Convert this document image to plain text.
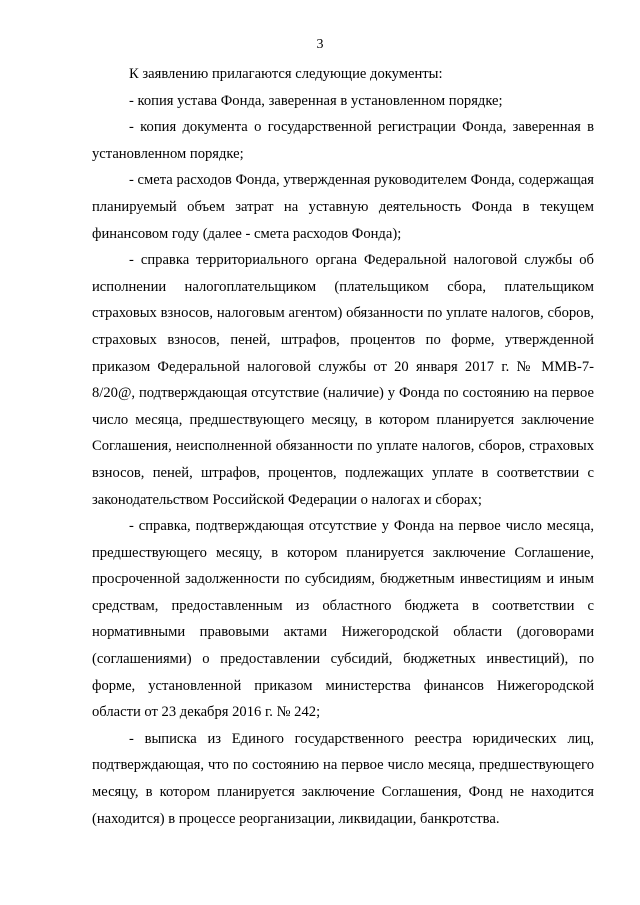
3

К заявлению прилагаются следующие документы:

- копия устава Фонда, заверенная в установленном порядке;

- копия документа о государственной регистрации Фонда, заверенная в установленном порядке;

- смета расходов Фонда, утвержденная руководителем Фонда, содержащая планируемый объем затрат на уставную деятельность Фонда в текущем финансовом году (далее - смета расходов Фонда);

- справка территориального органа Федеральной налоговой службы об исполнении налогоплательщиком (плательщиком сбора, плательщиком страховых взносов, налоговым агентом) обязанности по уплате налогов, сборов, страховых взносов, пеней, штрафов, процентов по форме, утвержденной приказом Федеральной налоговой службы от 20 января 2017 г. № ММВ-7-8/20@, подтверждающая отсутствие (наличие) у Фонда по состоянию на первое число месяца, предшествующего месяцу, в котором планируется заключение Соглашения, неисполненной обязанности по уплате налогов, сборов, страховых взносов, пеней, штрафов, процентов, подлежащих уплате в соответствии с законодательством Российской Федерации о налогах и сборах;

- справка, подтверждающая отсутствие у Фонда на первое число месяца, предшествующего месяцу, в котором планируется заключение Соглашение, просроченной задолженности по субсидиям, бюджетным инвестициям и иным средствам, предоставленным из областного бюджета в соответствии с нормативными правовыми актами Нижегородской области (договорами (соглашениями) о предоставлении субсидий, бюджетных инвестиций), по форме, установленной приказом министерства финансов Нижегородской области от 23 декабря 2016 г. № 242;

- выписка из Единого государственного реестра юридических лиц, подтверждающая, что по состоянию на первое число месяца, предшествующего месяцу, в котором планируется заключение Соглашения, Фонд не находится (находится) в процессе реорганизации, ликвидации, банкротства.
